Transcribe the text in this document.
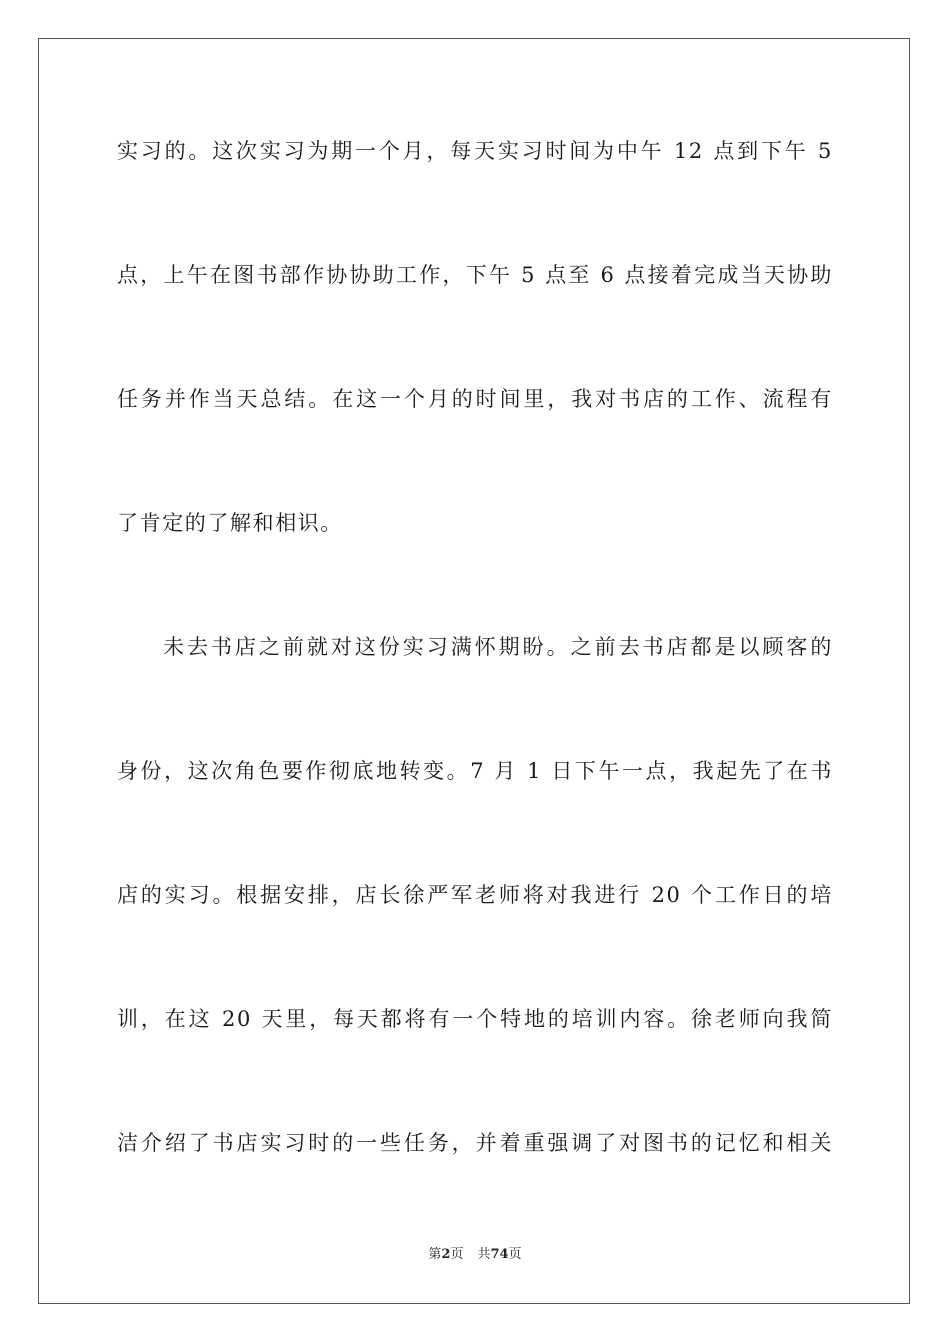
实习的。这次实习为期一个月，每天实习时间为中午 12 点到下午 5
点，上午在图书部作协协助工作，下午 5 点至 6 点接着完成当天协助
任务并作当天总结。在这一个月的时间里，我对书店的工作、流程有
了肯定的了解和相识。
未去书店之前就对这份实习满怀期盼。之前去书店都是以顾客的
身份，这次角色要作彻底地转变。7 月 1 日下午一点，我起先了在书
店的实习。根据安排，店长徐严军老师将对我进行 20 个工作日的培
训，在这 20 天里，每天都将有一个特地的培训内容。徐老师向我简
洁介绍了书店实习时的一些任务，并着重强调了对图书的记忆和相关
第2页 共74页
